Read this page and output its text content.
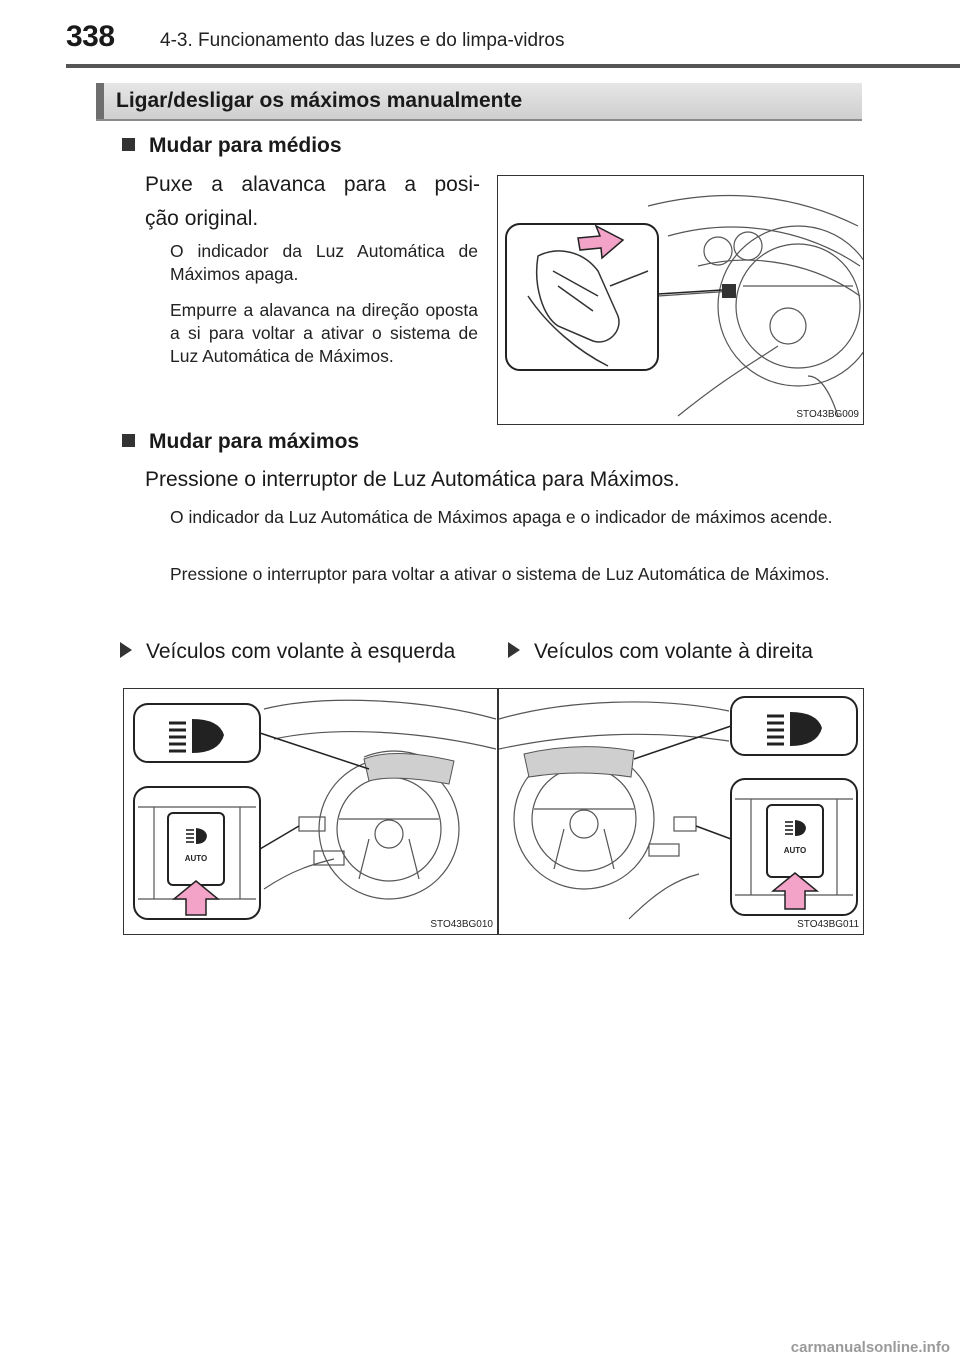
338 4-3. Funcionamento das luzes e do limpa-vidros
Ligar/desligar os máximos manualmente
Mudar para médios
Puxe a alavanca para a posi-
ção original.
O indicador da Luz Automática de Máximos apaga.
Empurre a alavanca na direção oposta a si para voltar a ativar o sistema de Luz Automática de Máximos.
STO43BG009
Mudar para máximos
Pressione o interruptor de Luz Automática para Máximos.
O indicador da Luz Automática de Máximos apaga e o indicador de máximos acende.
Pressione o interruptor para voltar a ativar o sistema de Luz Automática de Máximos.
Veículos com volante à esquerda	Veículos com volante à direita
AUTO
STO43BG010
AUTO
STO43BG011
carmanualsonline.info
